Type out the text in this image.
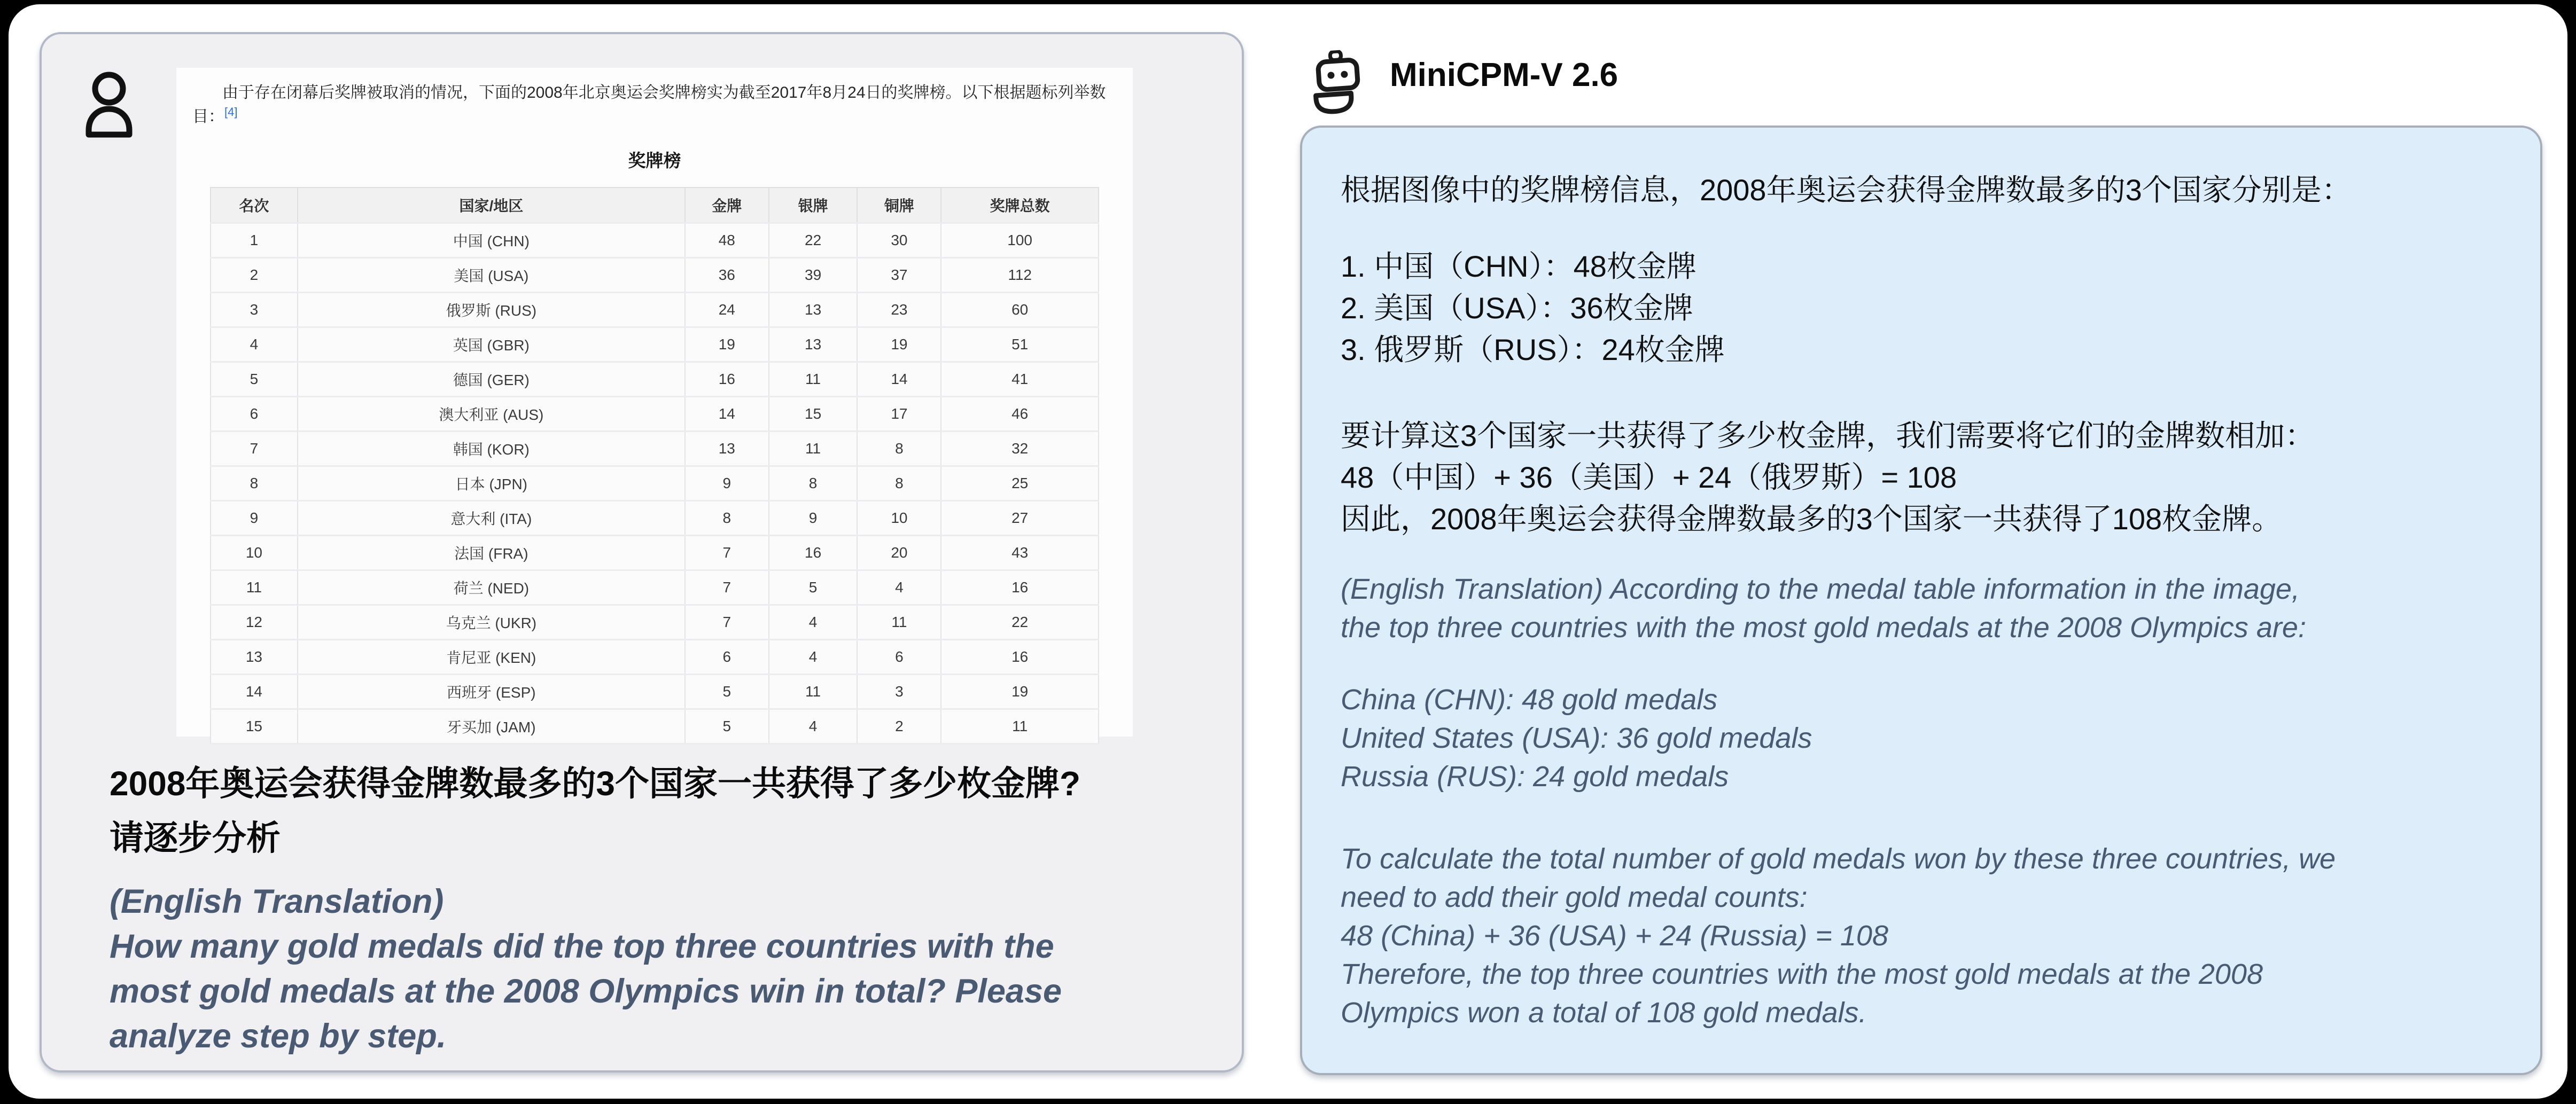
由于存在闭幕后奖牌被取消的情况，下面的2008年北京奥运会奖牌榜实为截至2017年8月24日的奖牌榜。以下根据题标列举数目：[4]

奖牌榜
名次	国家/地区	金牌	银牌	铜牌	奖牌总数
1	中国 (CHN)	48	22	30	100
2	美国 (USA)	36	39	37	112
3	俄罗斯 (RUS)	24	13	23	60
4	英国 (GBR)	19	13	19	51
5	德国 (GER)	16	11	14	41
6	澳大利亚 (AUS)	14	15	17	46
7	韩国 (KOR)	13	11	8	32
8	日本 (JPN)	9	8	8	25
9	意大利 (ITA)	8	9	10	27
10	法国 (FRA)	7	16	20	43
11	荷兰 (NED)	7	5	4	16
12	乌克兰 (UKR)	7	4	11	22
13	肯尼亚 (KEN)	6	4	6	16
14	西班牙 (ESP)	5	11	3	19
15	牙买加 (JAM)	5	4	2	11
2008年奥运会获得金牌数最多的3个国家一共获得了多少枚金牌?
请逐步分析
(English Translation)
How many gold medals did the top three countries with the
most gold medals at the 2008 Olympics win in total? Please
analyze step by step.
MiniCPM-V 2.6
根据图像中的奖牌榜信息，2008年奥运会获得金牌数最多的3个国家分别是：
1. 中国（CHN）：48枚金牌
2. 美国（USA）：36枚金牌
3. 俄罗斯（RUS）：24枚金牌
要计算这3个国家一共获得了多少枚金牌，我们需要将它们的金牌数相加：
48（中国）+ 36（美国）+ 24（俄罗斯）= 108
因此，2008年奥运会获得金牌数最多的3个国家一共获得了108枚金牌。
(English Translation) According to the medal table information in the image,
the top three countries with the most gold medals at the 2008 Olympics are:
China (CHN): 48 gold medals
United States (USA): 36 gold medals
Russia (RUS): 24 gold medals
To calculate the total number of gold medals won by these three countries, we
need to add their gold medal counts:
48 (China) + 36 (USA) + 24 (Russia) = 108
Therefore, the top three countries with the most gold medals at the 2008
Olympics won a total of 108 gold medals.
